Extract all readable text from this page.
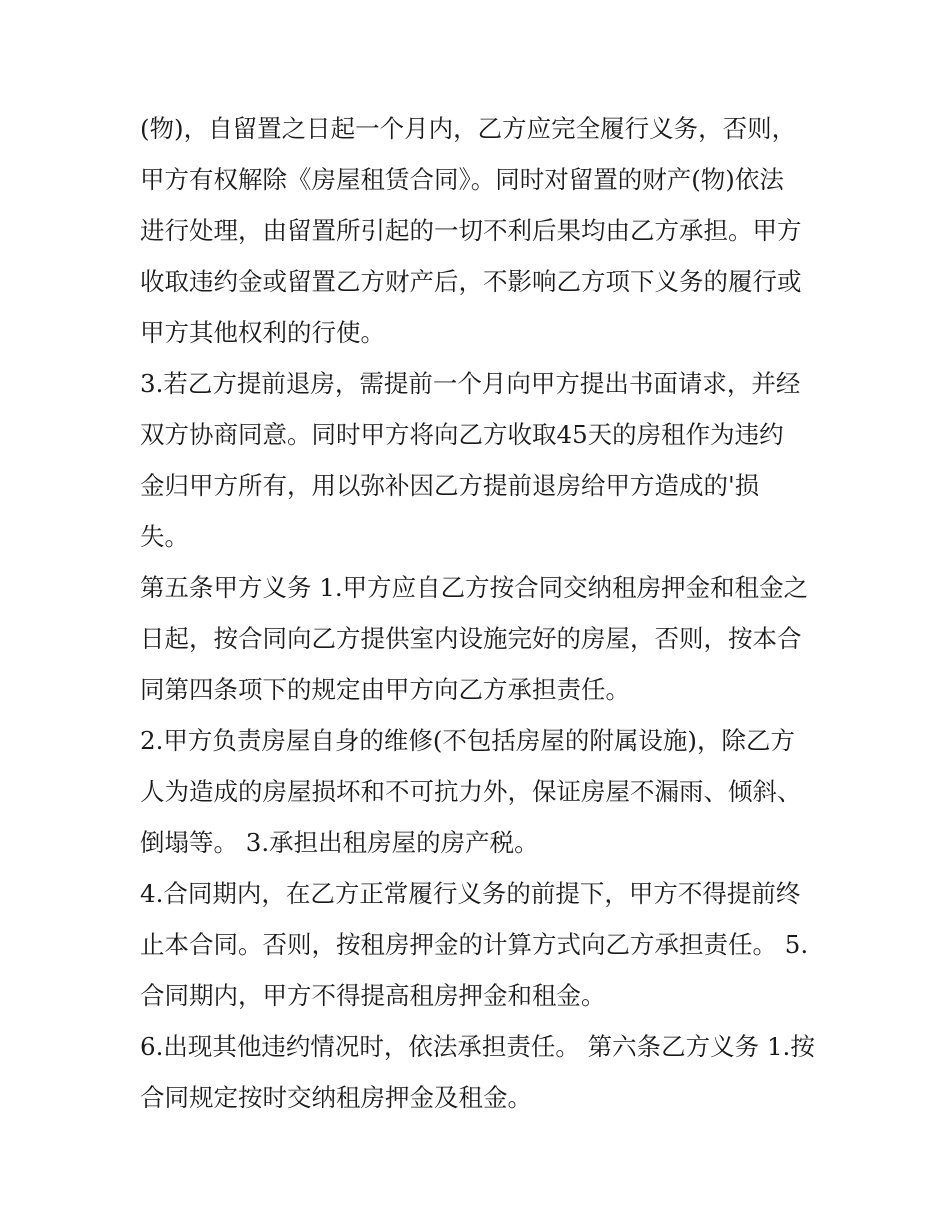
(物)，自留置之日起一个月内，乙方应完全履行义务，否则，
甲方有权解除《房屋租赁合同》。同时对留置的财产(物)依法
进行处理，由留置所引起的一切不利后果均由乙方承担。甲方
收取违约金或留置乙方财产后，不影响乙方项下义务的履行或
甲方其他权利的行使。
3.若乙方提前退房，需提前一个月向甲方提出书面请求，并经
双方协商同意。同时甲方将向乙方收取45天的房租作为违约
金归甲方所有，用以弥补因乙方提前退房给甲方造成的'损
失。
第五条甲方义务 1.甲方应自乙方按合同交纳租房押金和租金之
日起，按合同向乙方提供室内设施完好的房屋，否则，按本合
同第四条项下的规定由甲方向乙方承担责任。
2.甲方负责房屋自身的维修(不包括房屋的附属设施)，除乙方
人为造成的房屋损坏和不可抗力外，保证房屋不漏雨、倾斜、
倒塌等。 3.承担出租房屋的房产税。
4.合同期内，在乙方正常履行义务的前提下，甲方不得提前终
止本合同。否则，按租房押金的计算方式向乙方承担责任。 5.
合同期内，甲方不得提高租房押金和租金。
6.出现其他违约情况时，依法承担责任。 第六条乙方义务 1.按
合同规定按时交纳租房押金及租金。
